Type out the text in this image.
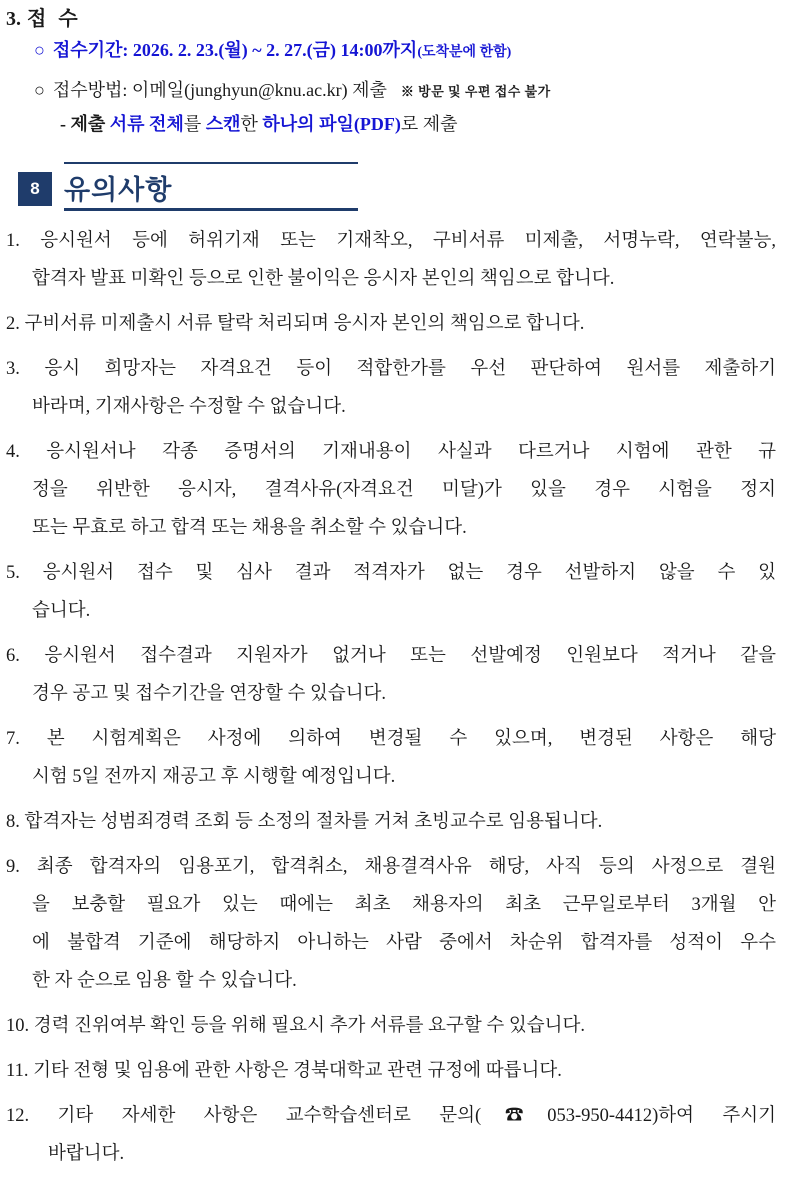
3. 접 수
○ 접수기간: 2026. 2. 23.(월) ~ 2. 27.(금) 14:00까지(도착분에 한함)
○ 접수방법: 이메일(junghyun@knu.ac.kr) 제출 ※ 방문 및 우편 접수 불가
- 제출 서류 전체를 스캔한 하나의 파일(PDF)로 제출
8 유의사항
1. 응시원서 등에 허위기재 또는 기재착오, 구비서류 미제출, 서명누락, 연락불능,
합격자 발표 미확인 등으로 인한 불이익은 응시자 본인의 책임으로 합니다.
2. 구비서류 미제출시 서류 탈락 처리되며 응시자 본인의 책임으로 합니다.
3. 응시 희망자는 자격요건 등이 적합한가를 우선 판단하여 원서를 제출하기
바라며, 기재사항은 수정할 수 없습니다.
4. 응시원서나 각종 증명서의 기재내용이 사실과 다르거나 시험에 관한 규
정을 위반한 응시자, 결격사유(자격요건 미달)가 있을 경우 시험을 정지
또는 무효로 하고 합격 또는 채용을 취소할 수 있습니다.
5. 응시원서 접수 및 심사 결과 적격자가 없는 경우 선발하지 않을 수 있
습니다.
6. 응시원서 접수결과 지원자가 없거나 또는 선발예정 인원보다 적거나 같을
경우 공고 및 접수기간을 연장할 수 있습니다.
7. 본 시험계획은 사정에 의하여 변경될 수 있으며, 변경된 사항은 해당
시험 5일 전까지 재공고 후 시행할 예정입니다.
8. 합격자는 성범죄경력 조회 등 소정의 절차를 거쳐 초빙교수로 임용됩니다.
9. 최종 합격자의 임용포기, 합격취소, 채용결격사유 해당, 사직 등의 사정으로 결원
을 보충할 필요가 있는 때에는 최초 채용자의 최초 근무일로부터 3개월 안
에 불합격 기준에 해당하지 아니하는 사람 중에서 차순위 합격자를 성적이 우수
한 자 순으로 임용 할 수 있습니다.
10. 경력 진위여부 확인 등을 위해 필요시 추가 서류를 요구할 수 있습니다.
11. 기타 전형 및 임용에 관한 사항은 경북대학교 관련 규정에 따릅니다.
12. 기타 자세한 사항은 교수학습센터로 문의(☎053-950-4412)하여 주시기
바랍니다.
